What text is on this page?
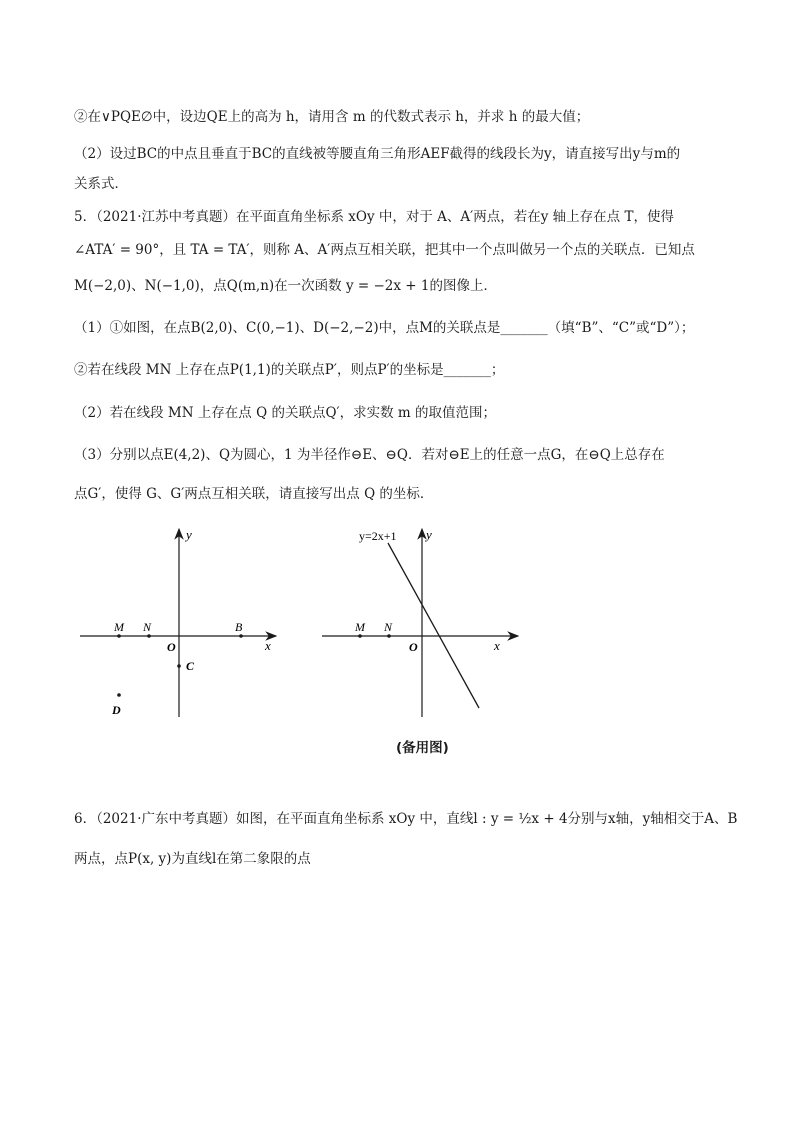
②在∨PQE∅中，设边QE上的高为 h，请用含 m 的代数式表示 h，并求 h 的最大值；
（2）设过BC的中点且垂直于BC的直线被等腰直角三角形AEF截得的线段长为y，请直接写出y与m的
关系式．
5．（2021·江苏中考真题）在平面直角坐标系 xOy 中，对于 A、A′两点，若在y 轴上存在点 T，使得
∠ATA′ = 90°，且 TA = TA′，则称 A、A′两点互相关联，把其中一个点叫做另一个点的关联点．已知点
M(−2,0)、N(−1,0)，点Q(m,n)在一次函数 y = −2x + 1的图像上．
（1）①如图，在点B(2,0)、C(0,−1)、D(−2,−2)中，点M的关联点是_______（填“B”、“C”或“D”）；
②若在线段 MN 上存在点P(1,1)的关联点P′，则点P′的坐标是_______；
（2）若在线段 MN 上存在点 Q 的关联点Q′，求实数 m 的取值范围；
（3）分别以点E(4,2)、Q为圆心，1 为半径作⊖E、⊖Q．若对⊖E上的任意一点G，在⊖Q上总存在
点G′，使得 G、G′两点互相关联，请直接写出点 Q 的坐标．
6．（2021·广东中考真题）如图，在平面直角坐标系 xOy 中，直线l : y = ½x + 4分别与x轴，y轴相交于A、B
两点，点P(x, y)为直线l在第二象限的点
y
x
O
M N	B
C
D
y
x
O
M N
y=2x+1
(备用图)
